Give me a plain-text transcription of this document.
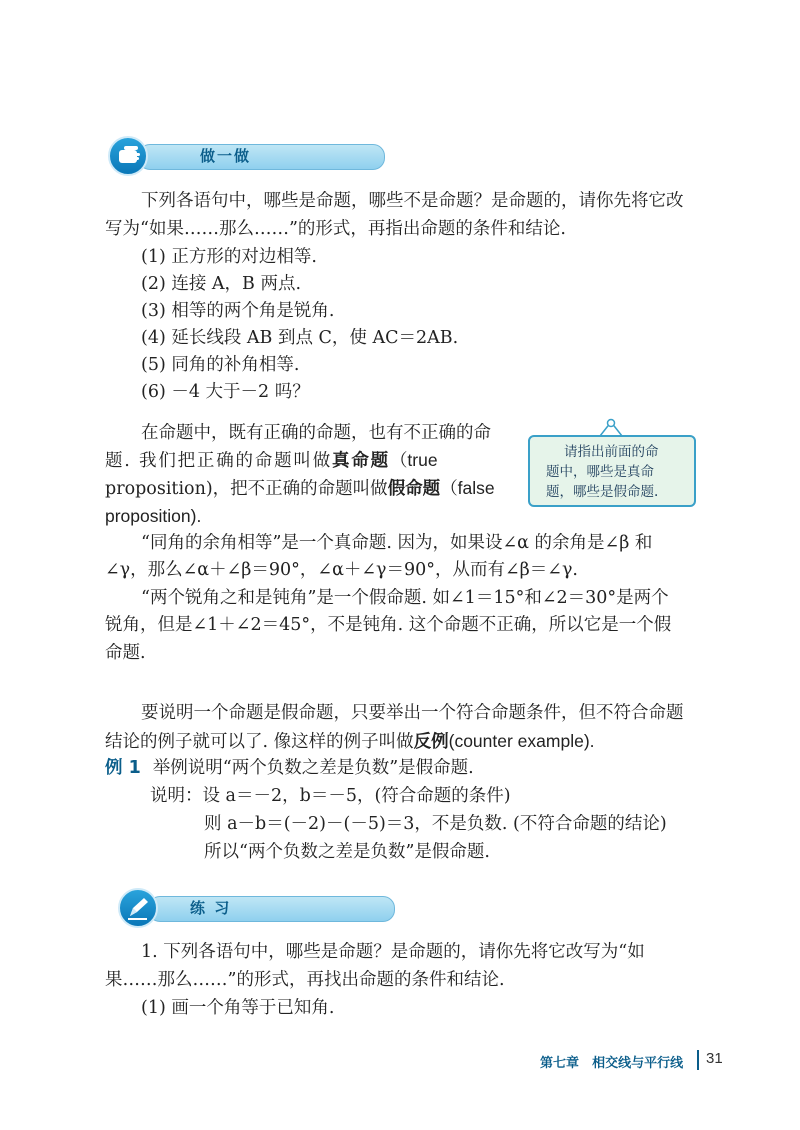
做一做
下列各语句中，哪些是命题，哪些不是命题？是命题的，请你先将它改
写为“如果……那么……”的形式，再指出命题的条件和结论.
(1) 正方形的对边相等.
(2) 连接 A，B 两点.
(3) 相等的两个角是锐角.
(4) 延长线段 AB 到点 C，使 AC＝2AB.
(5) 同角的补角相等.
(6) －4 大于－2 吗？
请指出前面的命
题中，哪些是真命
题，哪些是假命题.
在命题中，既有正确的命题，也有不正确的命
题. 我们把正确的命题叫做真命题（true
proposition)，把不正确的命题叫做假命题（false
proposition).
“同角的余角相等”是一个真命题. 因为，如果设∠α 的余角是∠β 和
∠γ，那么∠α＋∠β＝90°，∠α＋∠γ＝90°，从而有∠β＝∠γ.
“两个锐角之和是钝角”是一个假命题. 如∠1＝15°和∠2＝30°是两个
锐角，但是∠1＋∠2＝45°，不是钝角. 这个命题不正确，所以它是一个假
命题.
要说明一个命题是假命题，只要举出一个符合命题条件，但不符合命题
结论的例子就可以了. 像这样的例子叫做反例(counter example).
例 1 举例说明“两个负数之差是负数”是假命题.
说明：设 a＝－2，b＝－5，(符合命题的条件)
则 a－b＝(－2)－(－5)＝3，不是负数. (不符合命题的结论)
所以“两个负数之差是负数”是假命题.
练 习
1. 下列各语句中，哪些是命题？是命题的，请你先将它改写为“如
果……那么……”的形式，再找出命题的条件和结论.
(1) 画一个角等于已知角.
第七章 相交线与平行线 31
